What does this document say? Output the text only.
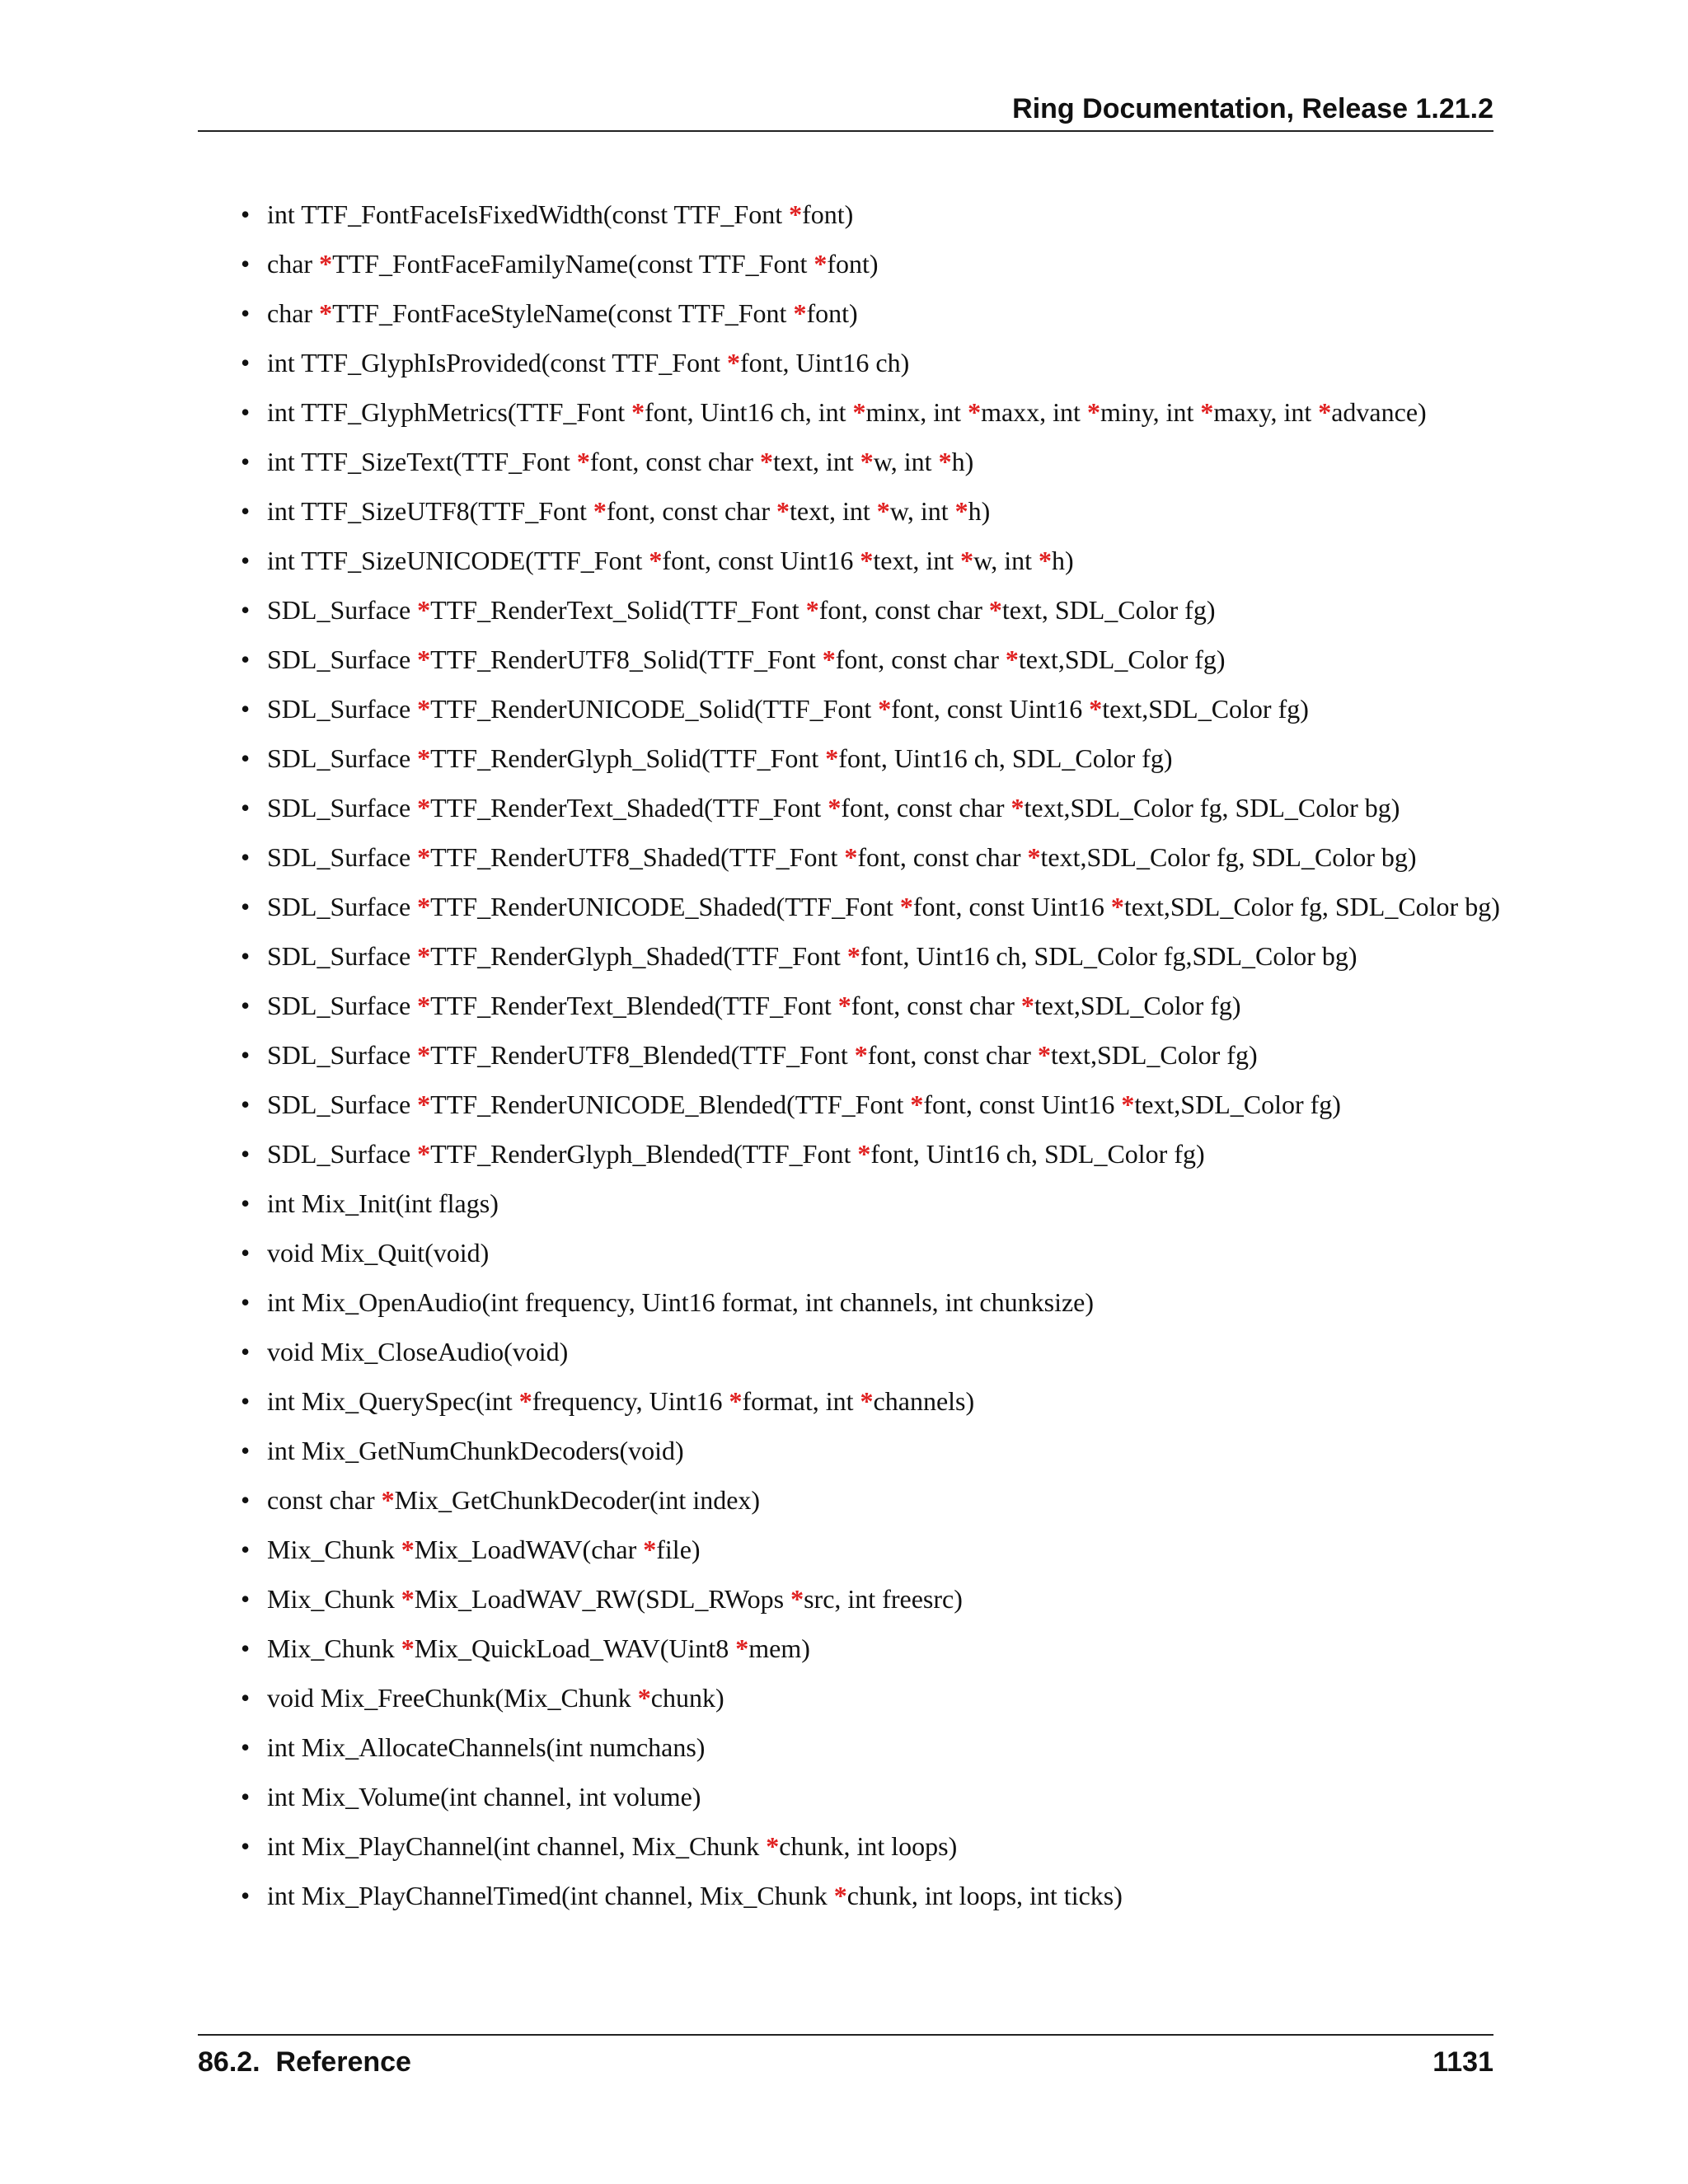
Ring Documentation, Release 1.21.2
• int TTF_FontFaceIsFixedWidth(const TTF_Font *font)
• char *TTF_FontFaceFamilyName(const TTF_Font *font)
• char *TTF_FontFaceStyleName(const TTF_Font *font)
• int TTF_GlyphIsProvided(const TTF_Font *font, Uint16 ch)
• int TTF_GlyphMetrics(TTF_Font *font, Uint16 ch, int *minx, int *maxx, int *miny, int *maxy, int *advance)
• int TTF_SizeText(TTF_Font *font, const char *text, int *w, int *h)
• int TTF_SizeUTF8(TTF_Font *font, const char *text, int *w, int *h)
• int TTF_SizeUNICODE(TTF_Font *font, const Uint16 *text, int *w, int *h)
• SDL_Surface *TTF_RenderText_Solid(TTF_Font *font, const char *text, SDL_Color fg)
• SDL_Surface *TTF_RenderUTF8_Solid(TTF_Font *font, const char *text,SDL_Color fg)
• SDL_Surface *TTF_RenderUNICODE_Solid(TTF_Font *font, const Uint16 *text,SDL_Color fg)
• SDL_Surface *TTF_RenderGlyph_Solid(TTF_Font *font, Uint16 ch, SDL_Color fg)
• SDL_Surface *TTF_RenderText_Shaded(TTF_Font *font, const char *text,SDL_Color fg, SDL_Color bg)
• SDL_Surface *TTF_RenderUTF8_Shaded(TTF_Font *font, const char *text,SDL_Color fg, SDL_Color bg)
• SDL_Surface *TTF_RenderUNICODE_Shaded(TTF_Font *font, const Uint16 *text,SDL_Color fg, SDL_Color bg)
• SDL_Surface *TTF_RenderGlyph_Shaded(TTF_Font *font, Uint16 ch, SDL_Color fg,SDL_Color bg)
• SDL_Surface *TTF_RenderText_Blended(TTF_Font *font, const char *text,SDL_Color fg)
• SDL_Surface *TTF_RenderUTF8_Blended(TTF_Font *font, const char *text,SDL_Color fg)
• SDL_Surface *TTF_RenderUNICODE_Blended(TTF_Font *font, const Uint16 *text,SDL_Color fg)
• SDL_Surface *TTF_RenderGlyph_Blended(TTF_Font *font, Uint16 ch, SDL_Color fg)
• int Mix_Init(int flags)
• void Mix_Quit(void)
• int Mix_OpenAudio(int frequency, Uint16 format, int channels, int chunksize)
• void Mix_CloseAudio(void)
• int Mix_QuerySpec(int *frequency, Uint16 *format, int *channels)
• int Mix_GetNumChunkDecoders(void)
• const char *Mix_GetChunkDecoder(int index)
• Mix_Chunk *Mix_LoadWAV(char *file)
• Mix_Chunk *Mix_LoadWAV_RW(SDL_RWops *src, int freesrc)
• Mix_Chunk *Mix_QuickLoad_WAV(Uint8 *mem)
• void Mix_FreeChunk(Mix_Chunk *chunk)
• int Mix_AllocateChannels(int numchans)
• int Mix_Volume(int channel, int volume)
• int Mix_PlayChannel(int channel, Mix_Chunk *chunk, int loops)
• int Mix_PlayChannelTimed(int channel, Mix_Chunk *chunk, int loops, int ticks)
86.2.  Reference	1131
